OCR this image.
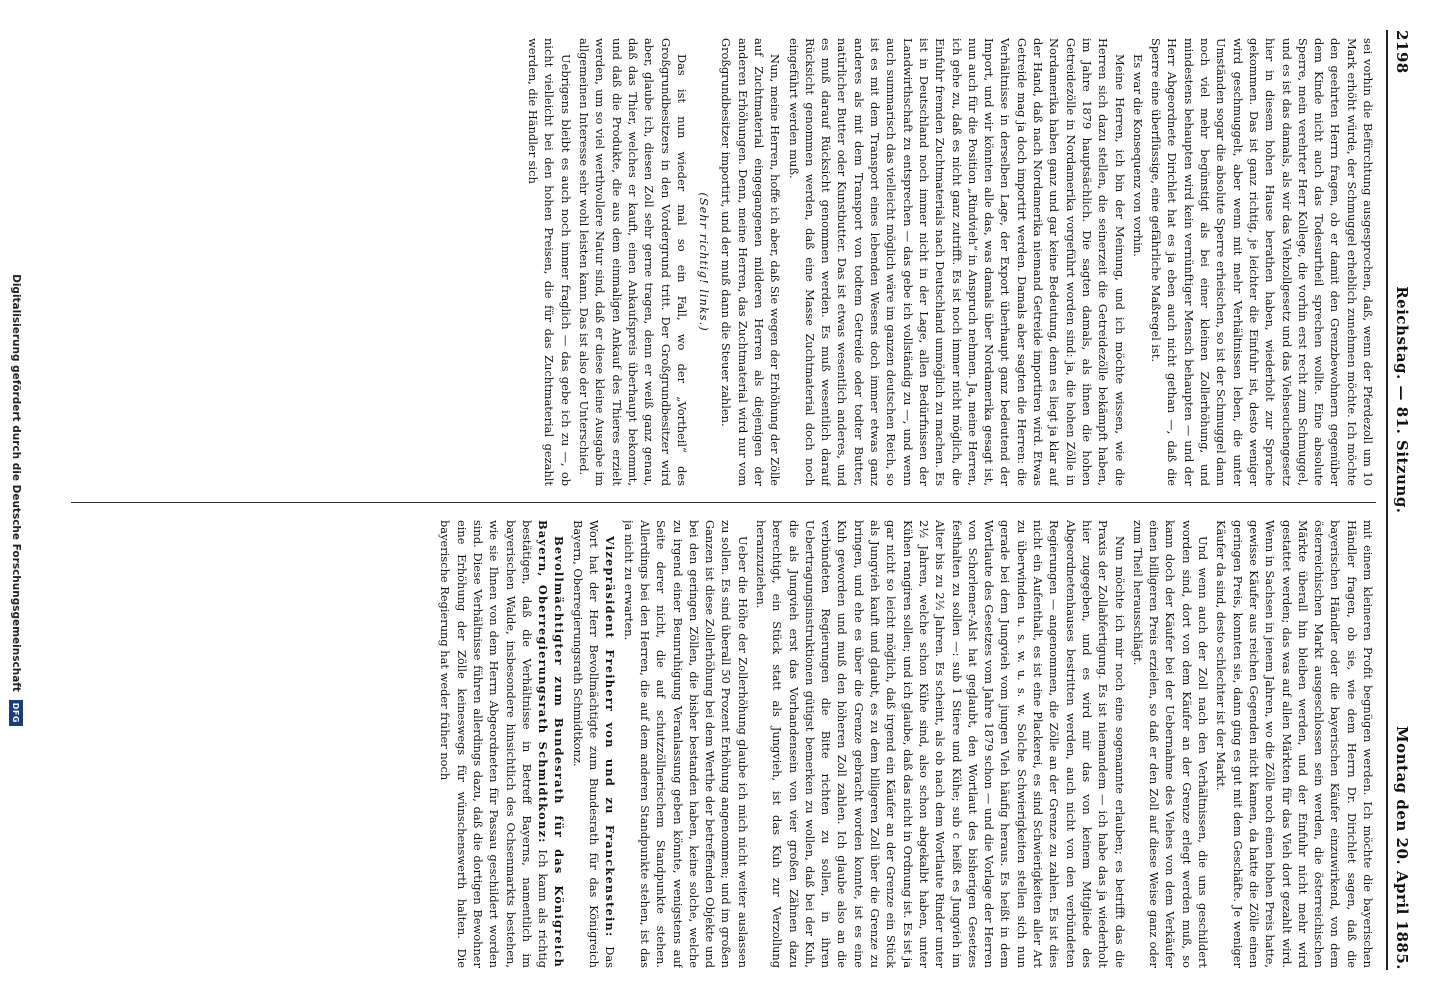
2198
Reichstag. — 81. Sitzung.
Montag den 20. April 1885.

sei vorhin die Befürchtung ausgesprochen, daß, wenn der Pferdezoll um 10 Mark erhöht würde, der Schmuggel erheblich zunehmen möchte. Ich möchte den geehrten Herrn fragen, ob er damit den Grenzbewohnern gegenüber dem Kinde nicht auch das Todesurtheil sprechen wollte. Eine absolute Sperre, mein verehrter Herr Kollege, die vorhin erst recht zum Schmuggel, und es ist das damals, als wir das Viehzollgesetz und das Viehseuchengesetz hier in diesem hohen Hause berathen haben, wiederholt zur Sprache gekommen. Das ist ganz richtig, je leichter die Einfuhr ist, desto weniger wird geschmuggelt, aber wenn mit mehr Verhältnissen leben, die unter Umständen sogar die absolute Sperre erheischen, so ist der Schmuggel dann noch viel mehr begünstigt als bei einer kleinen Zollerhöhung, und mindestens behaupten wird kein vernünftiger Mensch behaupten — und der Herr Abgeordnete Dirichlet hat es ja eben auch nicht gethan —, daß die Sperre eine überflüssige, eine gefährliche Maßregel ist.

Es war die Konsequenz von vorhin.

Meine Herren, ich bin der Meinung, und ich möchte wissen, wie die Herren sich dazu stellen, die seinerzeit die Getreidezölle bekämpft haben, im Jahre 1879 hauptsächlich. Die sagten damals, als ihnen die hohen Getreidezölle in Nordamerika vorgeführt worden sind: ja, die hohen Zölle in Nordamerika haben ganz und gar keine Bedeutung, denn es liegt ja klar auf der Hand, daß nach Nordamerika niemand Getreide importiren wird. Etwas Getreide mag ja doch importirt werden. Damals aber sagten die Herren: die Verhältnisse in derselben Lage, der Export überhaupt ganz bedeutend der Import, und wir könnten alle das, was damals über Nordamerika gesagt ist, nun auch für die Position „Rindvieh“ in Anspruch nehmen. Ja, meine Herren, ich gehe zu, daß es nicht ganz zutrifft. Es ist noch immer nicht möglich, die Einfuhr fremden Zuchtmaterials nach Deutschland unmöglich zu machen. Es ist in Deutschland noch immer nicht in der Lage, allen Bedürfnissen der Landwirthschaft zu entsprechen — das gebe ich vollständig zu —, und wenn auch summarisch das vielleicht möglich wäre im ganzen deutschen Reich, so ist es mit dem Transport eines lebenden Wesens doch immer etwas ganz anderes als mit dem Transport von todtem Getreide oder todter Butter, natürlicher Butter oder Kunstbutter. Das ist etwas wesentlich anderes, und es muß darauf Rücksicht genommen werden. Es muß wesentlich darauf Rücksicht genommen werden, daß eine Masse Zuchtmaterial doch noch eingeführt werden muß.

Nun, meine Herren, hoffe ich aber, daß Sie wegen der Erhöhung der Zölle auf Zuchtmaterial eingegangenen milderen Herren als diejenigen der anderen Erhöhungen. Denn, meine Herren, das Zuchtmaterial wird nur vom Großgrundbesitzer importirt, und der muß dann die Steuer zahlen.

(Sehr richtig! links.)

Das ist nun wieder mal so ein Fall, wo der „Vortheil“ des Großgrundbesitzers in den Vordergrund tritt. Der Großgrundbesitzer wird aber, glaube ich, diesen Zoll sehr gerne tragen, denn er weiß ganz genau, daß das Thier, welches er kauft, einen Ankaufspreis überhaupt bekommt, und daß die Produkte, die aus dem einmaligen Ankauf des Thieres erzielt werden, um so viel werthvollere Natur sind, daß er diese kleine Ausgabe im allgemeinen Interesse sehr wohl leisten kann. Das ist also der Unterschied.

Uebrigens bleibt es auch noch immer fraglich — das gebe ich zu —, ob nicht vielleicht bei den hohen Preisen, die für das Zuchtmaterial gezahlt werden, die Händler sich

mit einem kleineren Profit begnügen werden. Ich möchte die bayerischen Händler fragen, ob sie, wie dem Herrn Dr. Dirichlet sagen, daß die bayerischen Händler oder die bayerischen Käufer einzuwirkend, von dem österreichischen Markt ausgeschlossen sein werden, die österreichischen Märkte überall hin bleiben werden, und der Einfuhr nicht mehr wird gestattet werden; das was auf allen Märkten für das Vieh dort gezahlt wird. Wenn in Sachsen in jenem Jahren, wo die Zölle noch einen hohen Preis hatte, gewisse Käufer aus reichen Gegenden nicht kamen, da hatte die Zölle einen geringen Preis, konnten sie, dann ging es gut mit dem Geschäfte. Je weniger Käufer da sind, desto schlechter ist der Markt.

Und wenn auch der Zoll nach den Verhältnissen, die uns geschildert worden sind, dort von dem Käufer an der Grenze erlegt werden muß, so kann doch der Käufer bei der Uebernahme des Viehes von dem Verkäufer einen billigeren Preis erzielen, so daß er den Zoll auf diese Weise ganz oder zum Theil herausschlägt.

Nun möchte ich mir noch eine sogenannte erlauben; es betrifft das die Praxis der Zollabfertigung. Es ist niemandem — ich habe das ja wiederholt hier zugegeben, und es wird mir das von keinem Mitgliede des Abgeordnetenhauses bestritten werden, auch nicht von den verbündeten Regierungen — angenommen, die Zölle an der Grenze zu zahlen. Es ist dies nicht ein Aufenthalt, es ist eine Plackerei, es sind Schwierigkeiten aller Art zu überwinden u. s. w. u. s. w. Solche Schwierigkeiten stellen sich nun gerade bei dem Jungvieh vom jungen Vieh häufig heraus. Es heißt in dem Wortlaute des Gesetzes vom Jahre 1879 schon — und die Vorlage der Herren von Schorlemer-Alst hat geglaubt, den Wortlaut des bisherigen Gesetzes festhalten zu sollen —: sub 1 Stiere und Kühe; sub c heißt es Jungvieh im Alter bis zu 2½ Jahren. Es scheint, als ob nach dem Wortlaute Rinder unter 2½ Jahren, welche schon Kühe sind, also schon abgekalbt haben, unter Kühen rangiren sollen; und ich glaube, daß das nicht in Ordnung ist. Es ist ja gar nicht so leicht möglich, daß irgend ein Käufer an der Grenze ein Stück als Jungvieh kauft und glaubt, es zu dem billigeren Zoll über die Grenze zu bringen, und ehe es über die Grenze gebracht worden konnte, ist es eine Kuh geworden und muß den höheren Zoll zahlen. Ich glaube also an die verbündeten Regierungen die Bitte richten zu sollen, in ihren Uebertragungsinstruktionen gütigst bemerken zu wollen, daß bei der Kuh, die als Jungvieh erst das Vorhandensein von vier großen Zähnen dazu berechtigt, ein Stück statt als Jungvieh, ist das Kuh zur Verzollung heranzuziehen.

Ueber die Höhe der Zollerhöhung glaube ich mich nicht weiter auslassen zu sollen. Es sind überall 50 Prozent Erhöhung angenommen; und im großen Ganzen ist diese Zollerhöhung bei dem Werthe der betreffenden Objekte und bei den geringen Zöllen, die bisher bestanden haben, keine solche, welche zu irgend einer Beunruhigung Veranlassung geben könnte, wenigstens auf Seite derer nicht, die auf schutzzöllnerischem Standpunkte stehen. Allerdings bei den Herren, die auf dem anderen Standpunkte stehen, ist das ja nicht zu erwarten.

Vizepräsident Freiherr von und zu Franckenstein: Das Wort hat der Herr Bevollmächtigte zum Bundesrath für das Königreich Bayern, Oberregierungsrath Schmidtkonz.

Bevollmächtigter zum Bundesrath für das Königreich Bayern, Oberregierungsrath Schmidtkonz: Ich kann als richtig bestätigen, daß die Verhältnisse in Betreff Bayerns, namentlich im bayerischen Walde, insbesondere hinsichtlich des Ochsenmarkts bestehen, wie sie Ihnen von dem Herrn Abgeordneten für Passau geschildert worden sind. Diese Verhältnisse führen allerdings dazu, daß die dortigen Bewohner eine Erhöhung der Zölle keineswegs für wünschenswerth halten. Die bayerische Regierung hat weder früher noch

Digitalisierung gefördert durch die Deutsche Forschungsgemeinschaft
DFG
